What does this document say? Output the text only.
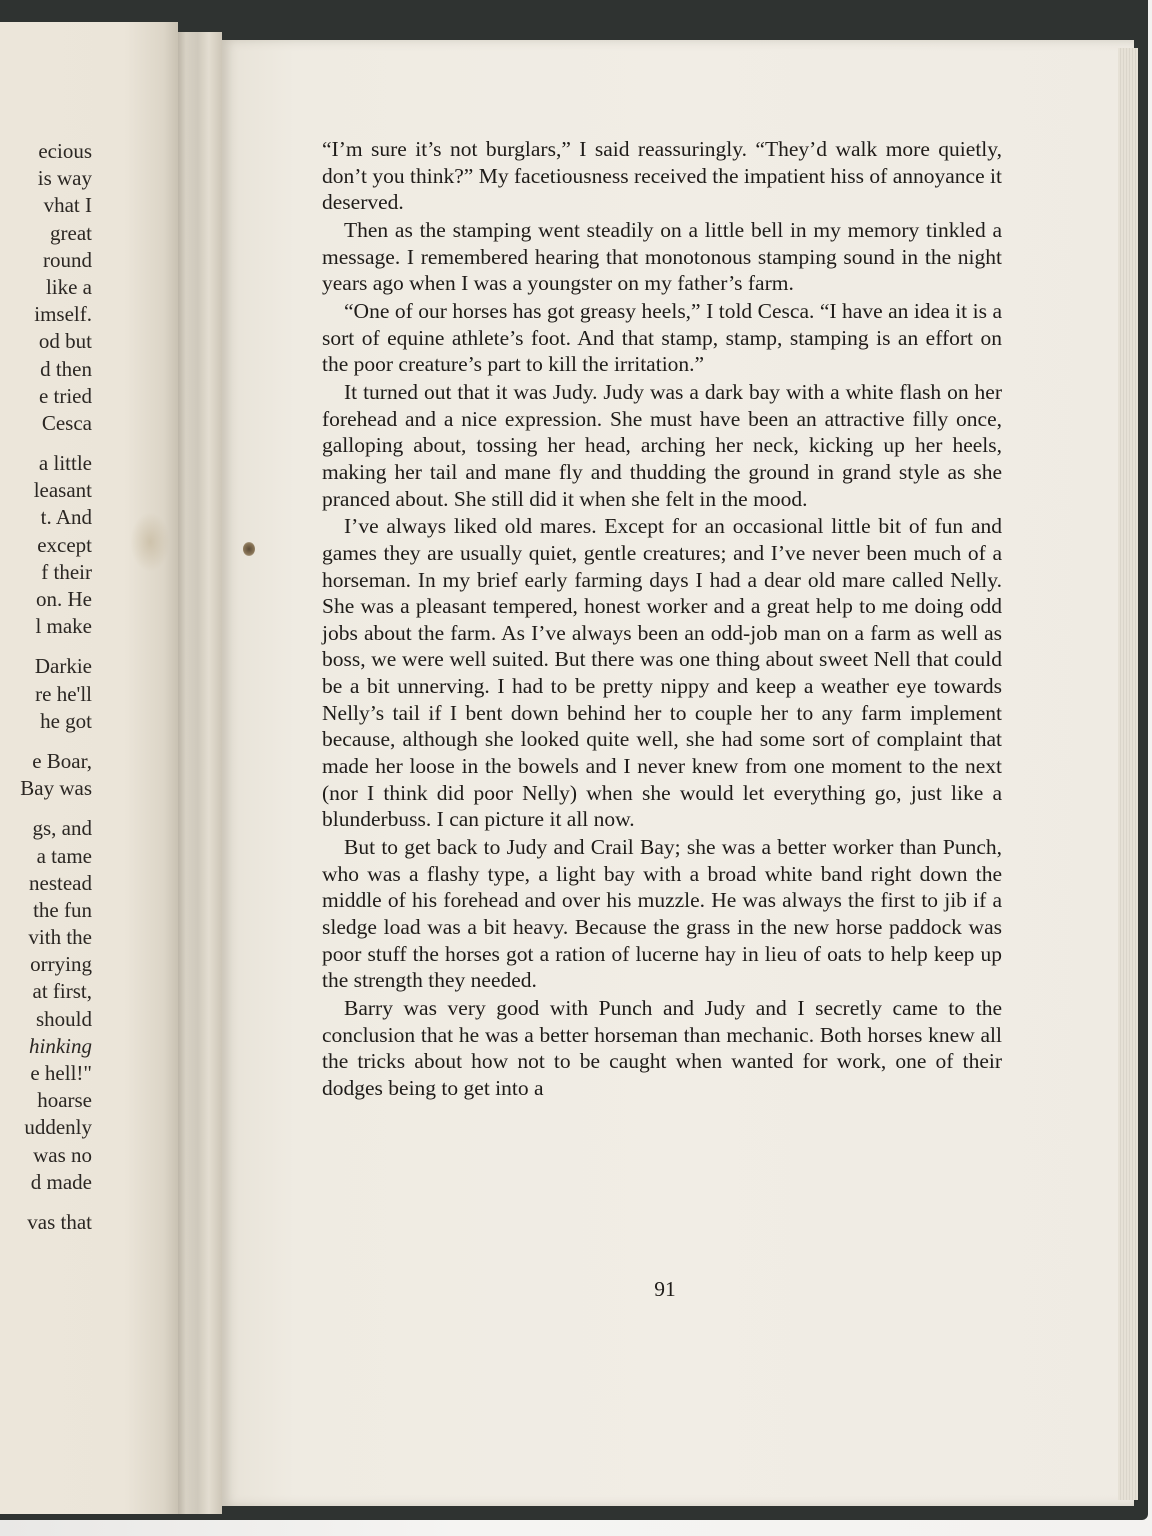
ecious
is way
vhat I
great
round
like a
imself.
od but
d then
e tried
Cesca
a little
leasant
t. And
except
f their
on. He
l make
Darkie
re he'll
he got
e Boar,
Bay was
gs, and
a tame
nestead
the fun
vith the
orrying
at first,
should
hinking
e hell!"
hoarse
uddenly
was no
d made
vas that

“I’m sure it’s not burglars,” I said reassuringly. “They’d walk more quietly, don’t you think?” My facetiousness received the impatient hiss of annoyance it deserved.

Then as the stamping went steadily on a little bell in my memory tinkled a message. I remembered hearing that monotonous stamping sound in the night years ago when I was a youngster on my father’s farm.

“One of our horses has got greasy heels,” I told Cesca. “I have an idea it is a sort of equine athlete’s foot. And that stamp, stamp, stamping is an effort on the poor creature’s part to kill the irritation.”

It turned out that it was Judy. Judy was a dark bay with a white flash on her forehead and a nice expression. She must have been an attractive filly once, galloping about, tossing her head, arching her neck, kicking up her heels, making her tail and mane fly and thudding the ground in grand style as she pranced about. She still did it when she felt in the mood.

I’ve always liked old mares. Except for an occasional little bit of fun and games they are usually quiet, gentle creatures; and I’ve never been much of a horseman. In my brief early farming days I had a dear old mare called Nelly. She was a pleasant tempered, honest worker and a great help to me doing odd jobs about the farm. As I’ve always been an odd-job man on a farm as well as boss, we were well suited. But there was one thing about sweet Nell that could be a bit unnerving. I had to be pretty nippy and keep a weather eye towards Nelly’s tail if I bent down behind her to couple her to any farm implement because, although she looked quite well, she had some sort of complaint that made her loose in the bowels and I never knew from one moment to the next (nor I think did poor Nelly) when she would let everything go, just like a blunderbuss. I can picture it all now.

But to get back to Judy and Crail Bay; she was a better worker than Punch, who was a flashy type, a light bay with a broad white band right down the middle of his forehead and over his muzzle. He was always the first to jib if a sledge load was a bit heavy. Because the grass in the new horse paddock was poor stuff the horses got a ration of lucerne hay in lieu of oats to help keep up the strength they needed.

Barry was very good with Punch and Judy and I secretly came to the conclusion that he was a better horseman than mechanic. Both horses knew all the tricks about how not to be caught when wanted for work, one of their dodges being to get into a

91
